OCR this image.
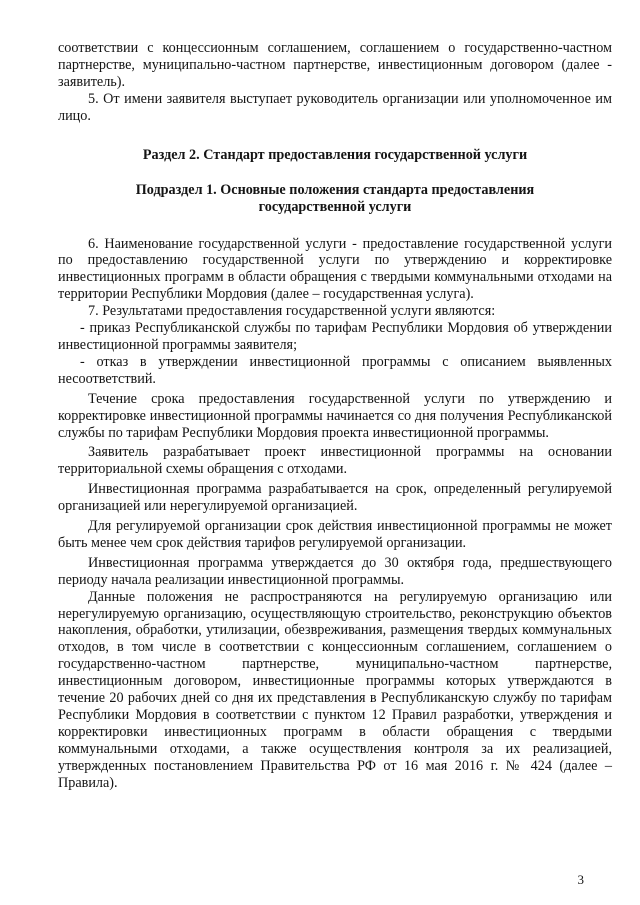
соответствии с концессионным соглашением, соглашением о государственно-частном партнерстве, муниципально-частном партнерстве, инвестиционным договором (далее - заявитель).

5. От имени заявителя выступает руководитель организации или уполномоченное им лицо.

Раздел 2. Стандарт предоставления государственной услуги
Подраздел 1. Основные положения стандарта предоставления государственной услуги

6. Наименование государственной услуги - предоставление государственной услуги по предоставлению государственной услуги по утверждению и корректировке инвестиционных программ в области обращения с твердыми коммунальными отходами на территории Республики Мордовия (далее – государственная услуга).

7. Результатами предоставления государственной услуги являются:

- приказ Республиканской службы по тарифам Республики Мордовия об утверждении инвестиционной программы заявителя;

- отказ в утверждении инвестиционной программы с описанием выявленных несоответствий.

Течение срока предоставления государственной услуги по утверждению и корректировке инвестиционной программы начинается со дня получения Республиканской службы по тарифам Республики Мордовия проекта инвестиционной программы.

Заявитель разрабатывает проект инвестиционной программы на основании территориальной схемы обращения с отходами.

Инвестиционная программа разрабатывается на срок, определенный регулируемой организацией или нерегулируемой организацией.

Для регулируемой организации срок действия инвестиционной программы не может быть менее чем срок действия тарифов регулируемой организации.

Инвестиционная программа утверждается до 30 октября года, предшествующего периоду начала реализации инвестиционной программы.

Данные положения не распространяются на регулируемую организацию или нерегулируемую организацию, осуществляющую строительство, реконструкцию объектов накопления, обработки, утилизации, обезвреживания, размещения твердых коммунальных отходов, в том числе в соответствии с концессионным соглашением, соглашением о государственно-частном партнерстве, муниципально-частном партнерстве, инвестиционным договором, инвестиционные программы которых утверждаются в течение 20 рабочих дней со дня их представления в Республиканскую службу по тарифам Республики Мордовия в соответствии с пунктом 12 Правил разработки, утверждения и корректировки инвестиционных программ в области обращения с твердыми коммунальными отходами, а также осуществления контроля за их реализацией, утвержденных постановлением Правительства РФ от 16 мая 2016 г. № 424 (далее – Правила).

3
